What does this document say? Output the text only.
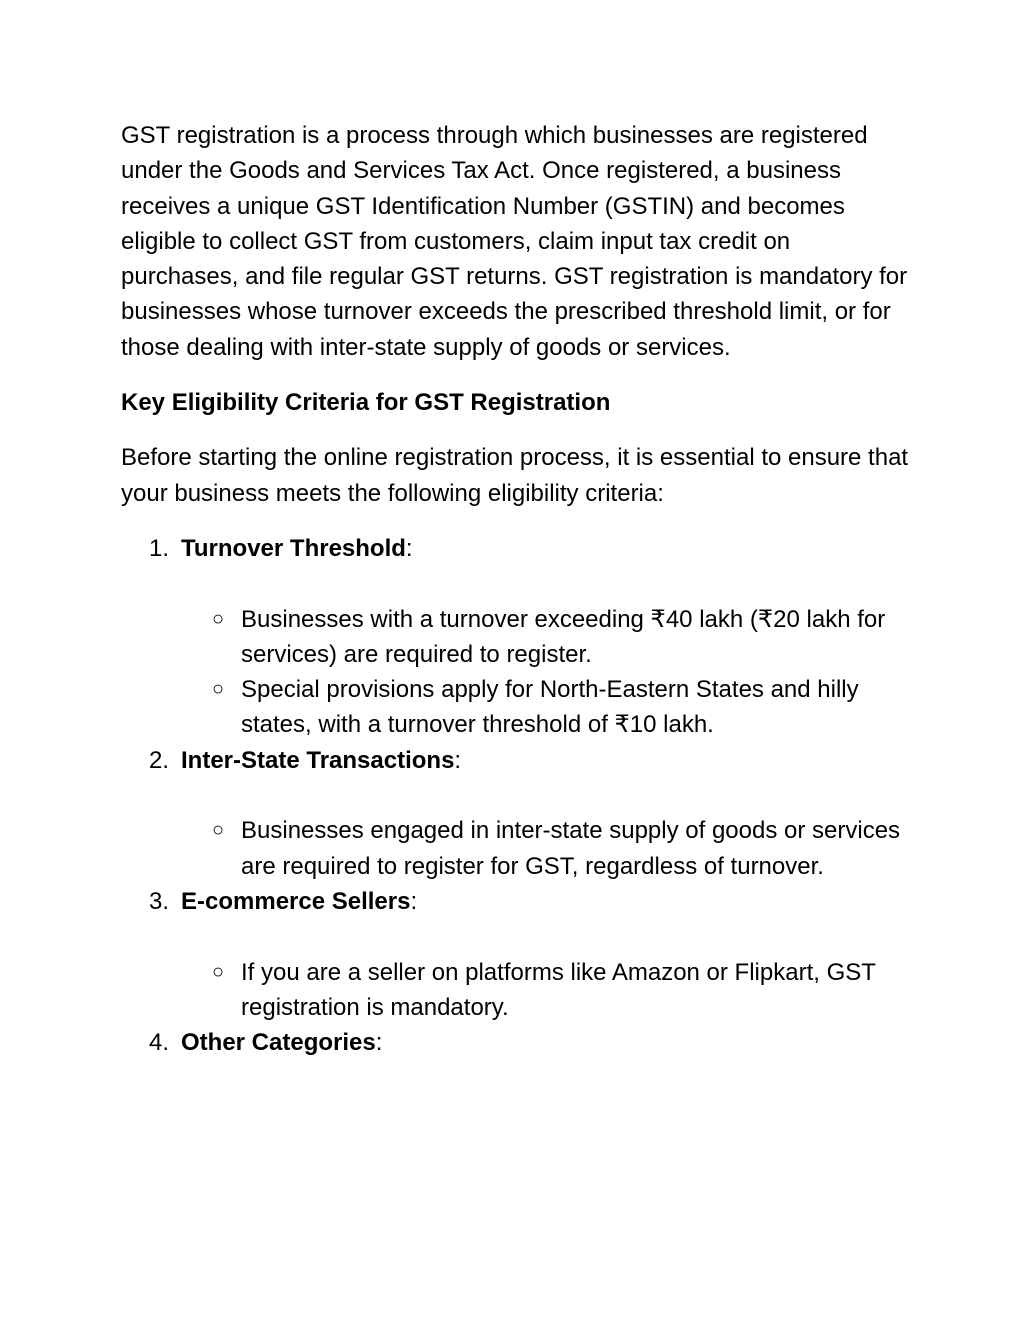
GST registration is a process through which businesses are registered under the Goods and Services Tax Act. Once registered, a business receives a unique GST Identification Number (GSTIN) and becomes eligible to collect GST from customers, claim input tax credit on purchases, and file regular GST returns. GST registration is mandatory for businesses whose turnover exceeds the prescribed threshold limit, or for those dealing with inter-state supply of goods or services.

Key Eligibility Criteria for GST Registration

Before starting the online registration process, it is essential to ensure that your business meets the following eligibility criteria:

1. Turnover Threshold:
○ Businesses with a turnover exceeding ₹40 lakh (₹20 lakh for services) are required to register.
○ Special provisions apply for North-Eastern States and hilly states, with a turnover threshold of ₹10 lakh.
2. Inter-State Transactions:
○ Businesses engaged in inter-state supply of goods or services are required to register for GST, regardless of turnover.
3. E-commerce Sellers:
○ If you are a seller on platforms like Amazon or Flipkart, GST registration is mandatory.
4. Other Categories:
